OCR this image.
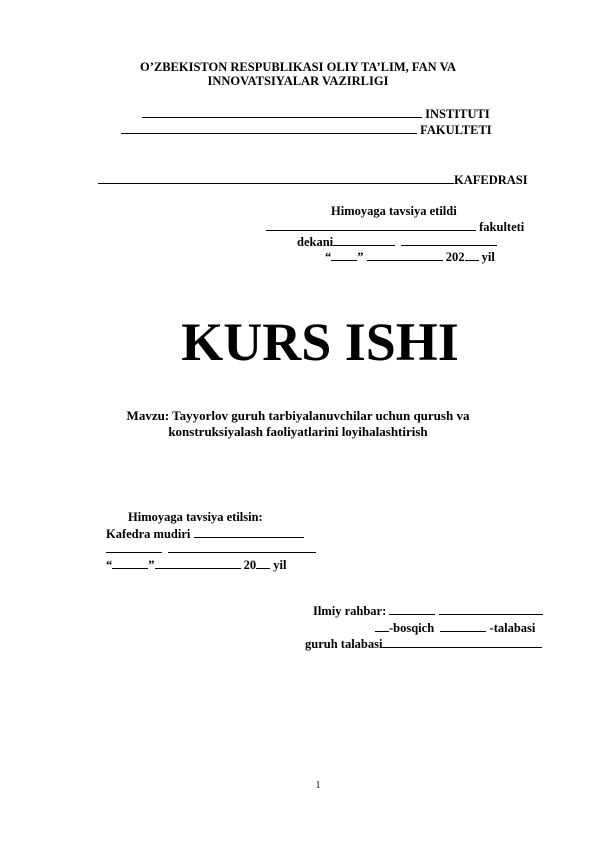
O’ZBEKISTON RESPUBLIKASI OLIY TA’LIM, FAN VA
INNOVATSIYALAR VAZIRLIGI
INSTITUTI
FAKULTETI
KAFEDRASI
Himoyaga tavsiya etildi
fakulteti
dekani
“ ”	202 yil
KURS ISHI
Mavzu: Tayyorlov guruh tarbiyalanuvchilar uchun qurush va
konstruksiyalash faoliyatlarini loyihalashtirish
Himoyaga tavsiya etilsin:
Kafedra mudiri

“	”	20 yil
Ilmiy rahbar:
-bosqich	-talabasi
guruh talabasi
1
